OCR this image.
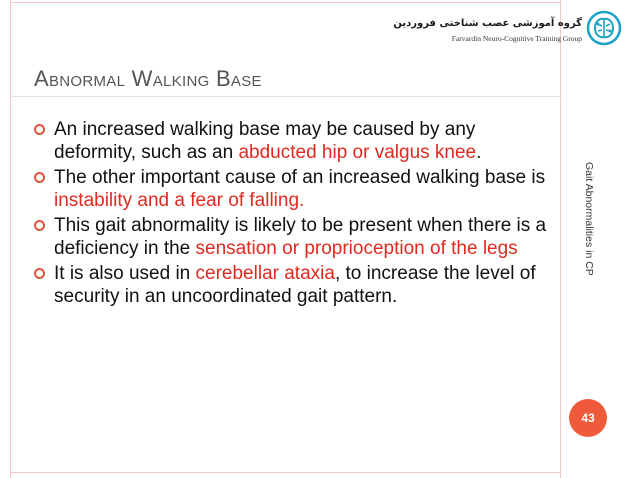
گروه آموزشی عصب شناختی فروردین
Farvardin Neuro-Cognitive Training Group
Abnormal Walking Base
An increased walking base may be caused by any deformity, such as an abducted hip or valgus knee.
The other important cause of an increased walking base is instability and a fear of falling.
This gait abnormality is likely to be present when there is a deficiency in the sensation or proprioception of the legs
It is also used in cerebellar ataxia, to increase the level of security in an uncoordinated gait pattern.
Gait Abnormalities in CP
43
